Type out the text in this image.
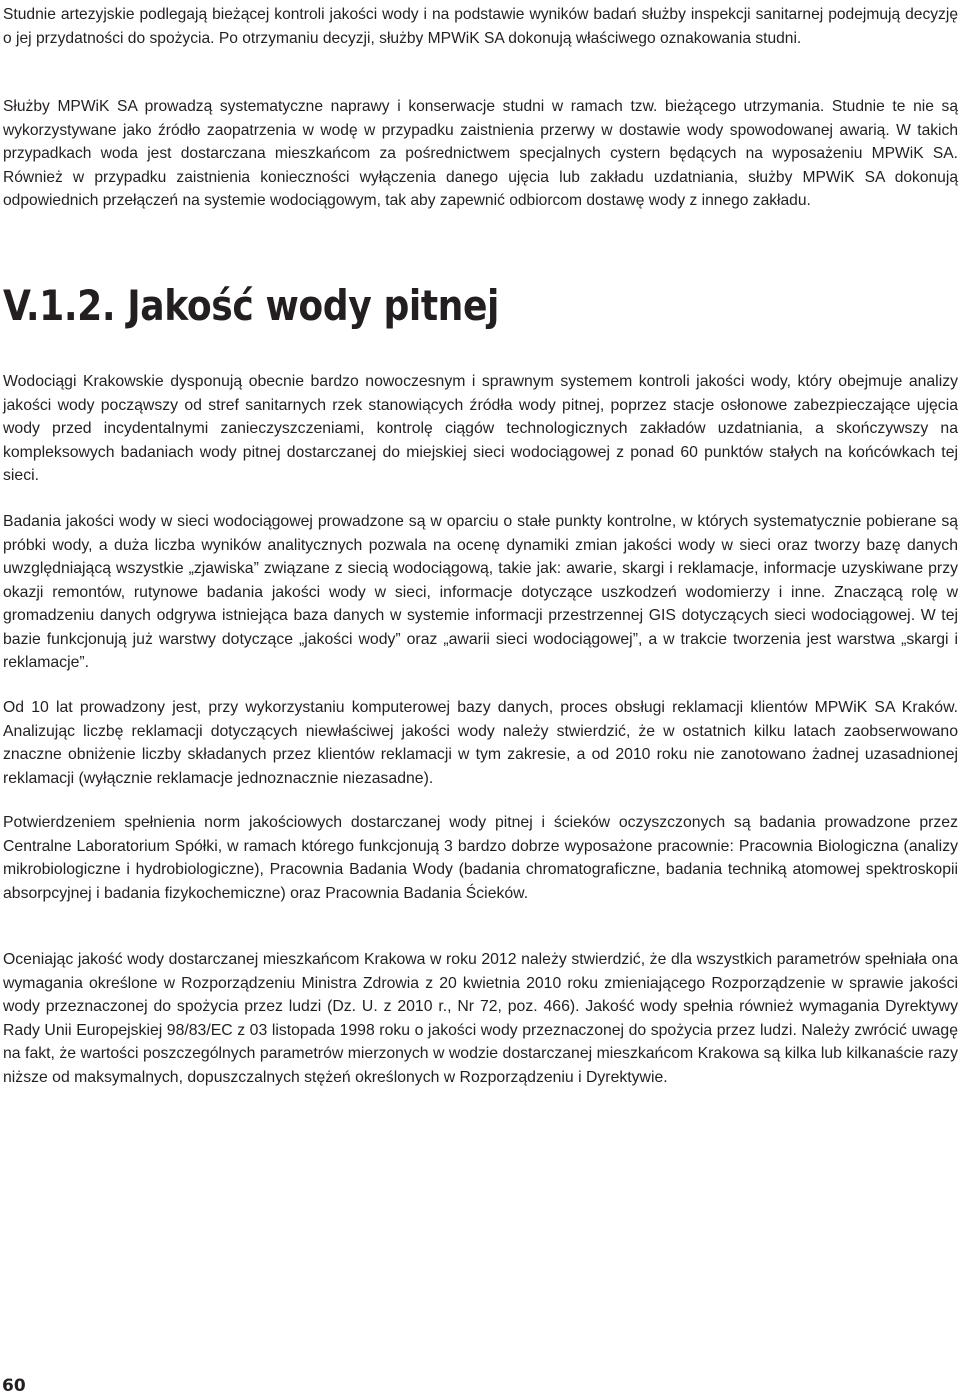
Studnie artezyjskie podlegają bieżącej kontroli jakości wody i na podstawie wyników badań służby inspekcji sanitarnej podejmują decyzję o jej przydatności do spożycia. Po otrzymaniu decyzji, służby MPWiK SA dokonują właściwego oznakowania studni.

Służby MPWiK SA prowadzą systematyczne naprawy i konserwacje studni w ramach tzw. bieżącego utrzymania. Studnie te nie są wykorzystywane jako źródło zaopatrzenia w wodę w przypadku zaistnienia przerwy w dostawie wody spowodowanej awarią. W takich przypadkach woda jest dostarczana mieszkańcom za pośrednictwem specjalnych cystern będących na wyposażeniu MPWiK SA. Również w przypadku zaistnienia konieczności wyłączenia danego ujęcia lub zakładu uzdatniania, służby MPWiK SA dokonują odpowiednich przełączeń na systemie wodociągowym, tak aby zapewnić odbiorcom dostawę wody z innego zakładu.

V.1.2. Jakość wody pitnej

Wodociągi Krakowskie dysponują obecnie bardzo nowoczesnym i sprawnym systemem kontroli jakości wody, który obejmuje analizy jakości wody począwszy od stref sanitarnych rzek stanowiących źródła wody pitnej, poprzez stacje osłonowe zabezpieczające ujęcia wody przed incydentalnymi zanieczyszczeniami, kontrolę ciągów technologicznych zakładów uzdatniania, a skończywszy na kompleksowych badaniach wody pitnej dostarczanej do miejskiej sieci wodociągowej z ponad 60 punktów stałych na końcówkach tej sieci.

Badania jakości wody w sieci wodociągowej prowadzone są w oparciu o stałe punkty kontrolne, w których systematycznie pobierane są próbki wody, a duża liczba wyników analitycznych pozwala na ocenę dynamiki zmian jakości wody w sieci oraz tworzy bazę danych uwzględniającą wszystkie „zjawiska” związane z siecią wodociągową, takie jak: awarie, skargi i reklamacje, informacje uzyskiwane przy okazji remontów, rutynowe badania jakości wody w sieci, informacje dotyczące uszkodzeń wodomierzy i inne. Znaczącą rolę w gromadzeniu danych odgrywa istniejąca baza danych w systemie informacji przestrzennej GIS dotyczących sieci wodociągowej. W tej bazie funkcjonują już warstwy dotyczące „jakości wody” oraz „awarii sieci wodociągowej”, a w trakcie tworzenia jest warstwa „skargi i reklamacje”.

Od 10 lat prowadzony jest, przy wykorzystaniu komputerowej bazy danych, proces obsługi reklamacji klientów MPWiK SA Kraków. Analizując liczbę reklamacji dotyczących niewłaściwej jakości wody należy stwierdzić, że w ostatnich kilku latach zaobserwowano znaczne obniżenie liczby składanych przez klientów reklamacji w tym zakresie, a od 2010 roku nie zanotowano żadnej uzasadnionej reklamacji (wyłącznie reklamacje jednoznacznie niezasadne).

Potwierdzeniem spełnienia norm jakościowych dostarczanej wody pitnej i ścieków oczyszczonych są badania prowadzone przez Centralne Laboratorium Spółki, w ramach którego funkcjonują 3 bardzo dobrze wyposażone pracownie: Pracownia Biologiczna (analizy mikrobiologiczne i hydrobiologiczne), Pracownia Badania Wody (badania chromatograficzne, badania techniką atomowej spektroskopii absorpcyjnej i badania fizykochemiczne) oraz Pracownia Badania Ścieków.

Oceniając jakość wody dostarczanej mieszkańcom Krakowa w roku 2012 należy stwierdzić, że dla wszystkich parametrów spełniała ona wymagania określone w Rozporządzeniu Ministra Zdrowia z 20 kwietnia 2010 roku zmieniającego Rozporządzenie w sprawie jakości wody przeznaczonej do spożycia przez ludzi (Dz. U. z 2010 r., Nr 72, poz. 466). Jakość wody spełnia również wymagania Dyrektywy Rady Unii Europejskiej 98/83/EC z 03 listopada 1998 roku o jakości wody przeznaczonej do spożycia przez ludzi. Należy zwrócić uwagę na fakt, że wartości poszczególnych parametrów mierzonych w wodzie dostarczanej mieszkańcom Krakowa są kilka lub kilkanaście razy niższe od maksymalnych, dopuszczalnych stężeń określonych w Rozporządzeniu i Dyrektywie.

60
